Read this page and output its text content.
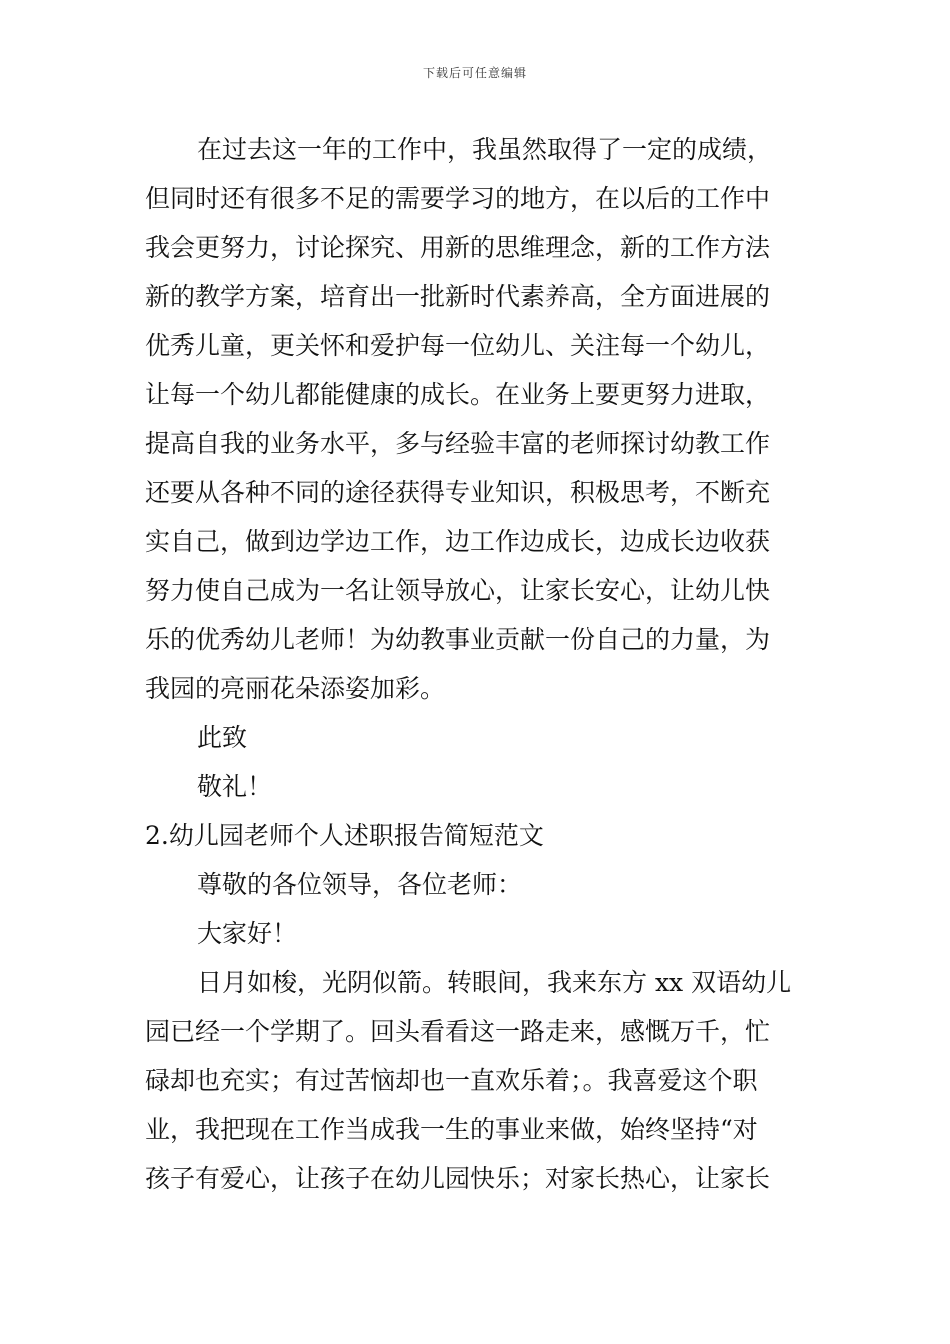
下载后可任意编辑
在过去这一年的工作中，我虽然取得了一定的成绩，
但同时还有很多不足的需要学习的地方，在以后的工作中
我会更努力，讨论探究、用新的思维理念，新的工作方法
新的教学方案，培育出一批新时代素养高，全方面进展的
优秀儿童，更关怀和爱护每一位幼儿、关注每一个幼儿，
让每一个幼儿都能健康的成长。在业务上要更努力进取，
提高自我的业务水平，多与经验丰富的老师探讨幼教工作
还要从各种不同的途径获得专业知识，积极思考，不断充
实自己，做到边学边工作，边工作边成长，边成长边收获
努力使自己成为一名让领导放心，让家长安心，让幼儿快
乐的优秀幼儿老师！为幼教事业贡献一份自己的力量，为
我园的亮丽花朵添姿加彩。
此致
敬礼！
2.幼儿园老师个人述职报告简短范文
尊敬的各位领导，各位老师：
大家好！
日月如梭，光阴似箭。转眼间，我来东方 xx 双语幼儿
园已经一个学期了。回头看看这一路走来，感慨万千，忙
碌却也充实；有过苦恼却也一直欢乐着；。我喜爱这个职
业，我把现在工作当成我一生的事业来做，始终坚持“对
孩子有爱心，让孩子在幼儿园快乐；对家长热心，让家长
